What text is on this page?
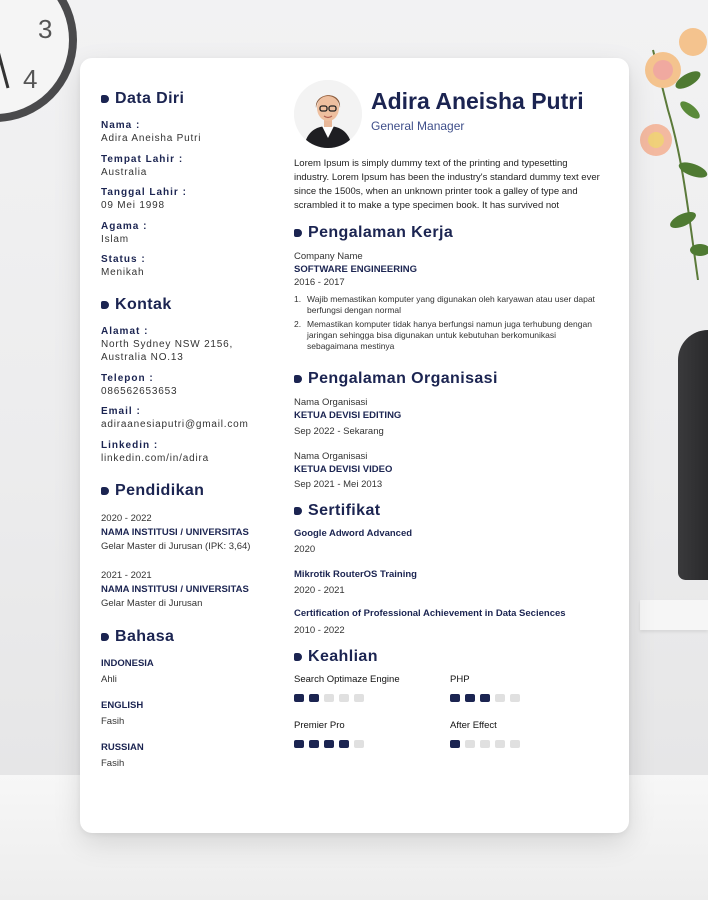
3
4
Data Diri
Nama :
Adira Aneisha Putri
Tempat Lahir :
Australia
Tanggal Lahir :
09 Mei 1998
Agama :
Islam
Status :
Menikah
Kontak
Alamat :
North Sydney NSW 2156, Australia NO.13
Telepon :
086562653653
Email :
adiraanesiaputri@gmail.com
Linkedin :
linkedin.com/in/adira
Pendidikan
2020 - 2022
NAMA INSTITUSI / UNIVERSITAS
Gelar Master di Jurusan (IPK: 3,64)
2021 - 2021
NAMA INSTITUSI / UNIVERSITAS
Gelar Master di Jurusan
Bahasa
INDONESIA
Ahli
ENGLISH
Fasih
RUSSIAN
Fasih
Adira Aneisha Putri
General Manager
Lorem Ipsum is simply dummy text of the printing and typesetting industry. Lorem Ipsum has been the industry's standard dummy text ever since the 1500s, when an unknown printer took a galley of type and scrambled it to make a type specimen book. It has survived not
Pengalaman Kerja
Company Name
SOFTWARE ENGINEERING
2016 - 2017
1. Wajib memastikan komputer yang digunakan oleh karyawan atau user dapat berfungsi dengan normal
2. Memastikan komputer tidak hanya berfungsi namun juga terhubung dengan jaringan sehingga bisa digunakan untuk kebutuhan berkomunikasi sebagaimana mestinya
Pengalaman Organisasi
Nama Organisasi
KETUA DEVISI EDITING
Sep 2022 - Sekarang
Nama Organisasi
KETUA DEVISI VIDEO
Sep 2021 - Mei 2013
Sertifikat
Google Adword Advanced
2020
Mikrotik RouterOS Training
2020 - 2021
Certification of Professional Achievement in Data Seciences
2010 - 2022
Keahlian
Search Optimaze Engine	PHP
Premier Pro	After Effect
